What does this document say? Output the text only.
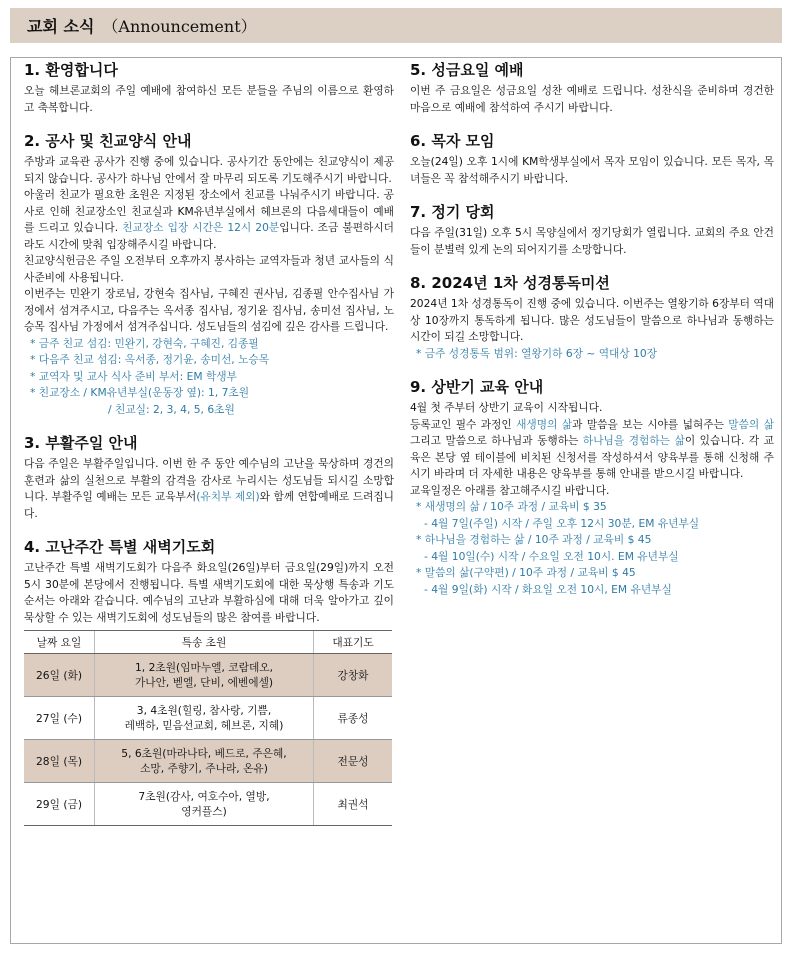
교회 소식 （Announcement）
1. 환영합니다

오늘 헤브론교회의 주일 예배에 참여하신 모든 분들을 주님의 이름으로 환영하고 축복합니다.

2. 공사 및 친교양식 안내

주방과 교육관 공사가 진행 중에 있습니다. 공사기간 동안에는 친교양식이 제공되지 않습니다. 공사가 하나님 안에서 잘 마무리 되도록 기도해주시기 바랍니다.

아울러 친교가 필요한 초원은 지정된 장소에서 친교를 나눠주시기 바랍니다. 공사로 인해 친교장소인 친교실과 KM유년부실에서 헤브론의 다음세대들이 예배를 드리고 있습니다. 친교장소 입장 시간은 12시 20분입니다. 조금 불편하시더라도 시간에 맞춰 입장해주시길 바랍니다.

친교양식헌금은 주일 오전부터 오후까지 봉사하는 교역자들과 청년 교사들의 식사준비에 사용됩니다.

이번주는 민완기 장로님, 강현숙 집사님, 구혜진 권사님, 김종필 안수집사님 가정에서 섬겨주시고, 다음주는 옥서종 집사님, 정기윤 집사님, 송미선 집사님, 노승목 집사님 가정에서 섬겨주십니다. 성도님들의 섬김에 깊은 감사를 드립니다.

* 금주 친교 섬김: 민완기, 강현숙, 구혜진, 김종필

* 다음주 친교 섬김: 옥서종, 정기윤, 송미선, 노승목

* 교역자 및 교사 식사 준비 부서: EM 학생부

* 친교장소 / KM유년부실(운동장 옆): 1, 7초원

/ 친교실: 2, 3, 4, 5, 6초원

3. 부활주일 안내

다음 주일은 부활주일입니다. 이번 한 주 동안 예수님의 고난을 묵상하며 경건의 훈련과 삶의 실천으로 부활의 감격을 감사로 누리시는 성도님들 되시길 소망합니다. 부활주일 예배는 모든 교육부서(유치부 제외)와 함께 연합예배로 드려집니다.

4. 고난주간 특별 새벽기도회

고난주간 특별 새벽기도회가 다음주 화요일(26일)부터 금요일(29일)까지 오전 5시 30분에 본당에서 진행됩니다. 특별 새벽기도회에 대한 묵상행 특송과 기도순서는 아래와 같습니다. 예수님의 고난과 부활하심에 대해 더욱 알아가고 깊이 묵상할 수 있는 새벽기도회에 성도님들의 많은 참여를 바랍니다.

날짜 요일	특송 초원	대표기도
26일 (화)	1, 2초원(임마누엘, 코람데오,
가나안, 벧엘, 단비, 에벤에셀)	강창화
27일 (수)	3, 4초원(힐링, 참사랑, 기쁨,
레백하, 믿음선교회, 헤브론, 지혜)	류종성
28일 (목)	5, 6초원(마라나타, 베드로, 주은혜,
소망, 주향기, 주나라, 온유)	전문성
29일 (금)	7초원(감사, 여호수아, 열방,
영커플스)	최권석
5. 성금요일 예배

이번 주 금요일은 성금요일 성찬 예배로 드립니다. 성찬식을 준비하며 경건한 마음으로 예배에 참석하여 주시기 바랍니다.

6. 목자 모임

오늘(24일) 오후 1시에 KM학생부실에서 목자 모임이 있습니다. 모든 목자, 목녀들은 꼭 참석해주시기 바랍니다.

7. 정기 당회

다음 주일(31일) 오후 5시 목양실에서 정기당회가 열립니다. 교회의 주요 안건들이 분별력 있게 논의 되어지기를 소망합니다.

8. 2024년 1차 성경통독미션

2024년 1차 성경통독이 진행 중에 있습니다. 이번주는 열왕기하 6장부터 역대상 10장까지 통독하게 됩니다. 많은 성도님들이 말씀으로 하나님과 동행하는 시간이 되길 소망합니다.

* 금주 성경통독 범위: 열왕기하 6장 ~ 역대상 10장

9. 상반기 교육 안내

4월 첫 주부터 상반기 교육이 시작됩니다.

등록교인 필수 과정인 새생명의 삶과 말씀을 보는 시야를 넓혀주는 말씀의 삶 그리고 말씀으로 하나님과 동행하는 하나님을 경험하는 삶이 있습니다. 각 교육은 본당 옆 테이블에 비치된 신청서를 작성하셔서 양육부를 통해 신청해 주시기 바라며 더 자세한 내용은 양육부를 통해 안내를 받으시길 바랍니다.

교육일정은 아래를 참고해주시길 바랍니다.

* 새생명의 삶 / 10주 과정 / 교육비 $ 35

- 4월 7일(주일) 시작 / 주일 오후 12시 30분, EM 유년부실

* 하나님을 경험하는 삶 / 10주 과정 / 교육비 $ 45

- 4월 10일(수) 시작 / 수요일 오전 10시. EM 유년부실

* 말씀의 삶(구약편) / 10주 과정 / 교육비 $ 45

- 4월 9일(화) 시작 / 화요일 오전 10시, EM 유년부실
